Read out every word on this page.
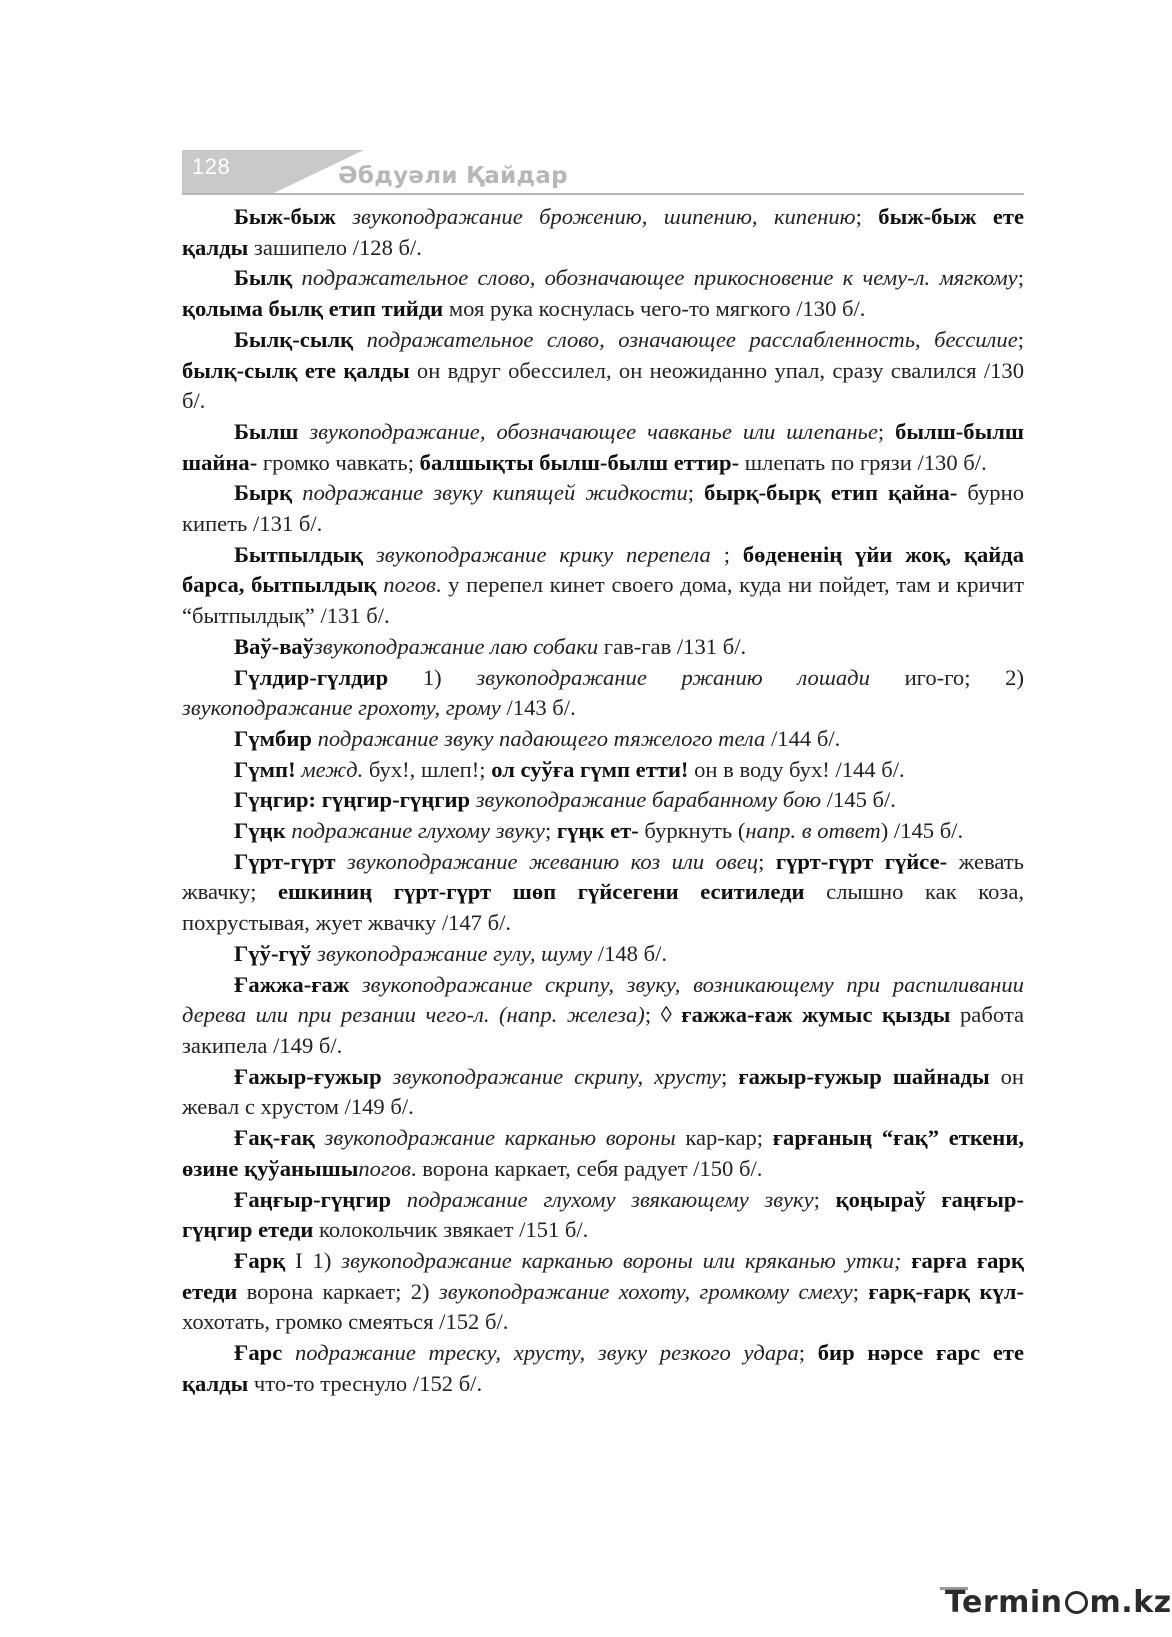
128	Әбдуәли Қайдар

Быж-быж звукоподражание брожению, шипению, кипению; быж-быж ете қалды зашипело /128 б/.

Былқ подражательное слово, обозначающее прикосновение к чему-л. мягкому; қолыма былқ етип тийди моя рука коснулась чего-то мягкого /130 б/.

Былқ-сылқ подражательное слово, означающее расслабленность, бессилие; былқ-сылқ ете қалды он вдруг обессилел, он неожиданно упал, сразу свалился /130 б/.

Былш звукоподражание, обозначающее чавканье или шлепанье; былш-былш шайна- громко чавкать; балшықты былш-былш еттир- шлепать по грязи /130 б/.

Бырқ подражание звуку кипящей жидкости; бырқ-бырқ етип қайна- бурно кипеть /131 б/.

Бытпылдық звукоподражание крику перепела ; бөдененің үйи жоқ, қайда барса, бытпылдық погов. у перепел кинет своего дома, куда ни пойдет, там и кричит “бытпылдық” /131 б/.

Ваў-ваўзвукоподражание лаю собаки гав-гав /131 б/.

Гүлдир-гүлдир 1) звукоподражание ржанию лошади иго-го; 2) звукоподражание грохоту, грому /143 б/.

Гүмбир подражание звуку падающего тяжелого тела /144 б/.

Гүмп! межд. бух!, шлеп!; ол суўға гүмп етти! он в воду бух! /144 б/.

Гүңгир: гүңгир-гүңгир звукоподражание барабанному бою /145 б/.

Гүңк подражание глухому звуку; гүңк ет- буркнуть (напр. в ответ) /145 б/.

Гүрт-гүрт звукоподражание жеванию коз или овец; гүрт-гүрт гүйсе- жевать жвачку; ешкиниң гүрт-гүрт шөп гүйсегени еситиледи слышно как коза, похрустывая, жует жвачку /147 б/.

Гүў-гүў звукоподражание гулу, шуму /148 б/.

Ғажжа-ғаж звукоподражание скрипу, звуку, возникающему при распиливании дерева или при резании чего-л. (напр. железа); ◊ ғажжа-ғаж жумыс қызды работа закипела /149 б/.

Ғажыр-ғужыр звукоподражание скрипу, хрусту; ғажыр-ғужыр шайнады он жевал с хрустом /149 б/.

Ғақ-ғақ звукоподражание карканью вороны кар-кар; ғарғаның “ғақ” еткени, өзине қуўанышыпогов. ворона каркает, себя радует /150 б/.

Ғаңғыр-гүңгир подражание глухому звякающему звуку; қоңыраў ғаңғыр-гүңгир етеди колокольчик звякает /151 б/.

Ғарқ I 1) звукоподражание карканью вороны или кряканью утки; ғарға ғарқ етеди ворона каркает; 2) звукоподражание хохоту, громкому смеху; ғарқ-ғарқ күл- хохотать, громко смеяться /152 б/.

Ғарс подражание треску, хрусту, звуку резкого удара; бир нәрсе ғарс ете қалды что-то треснуло /152 б/.

Termin m.kz
